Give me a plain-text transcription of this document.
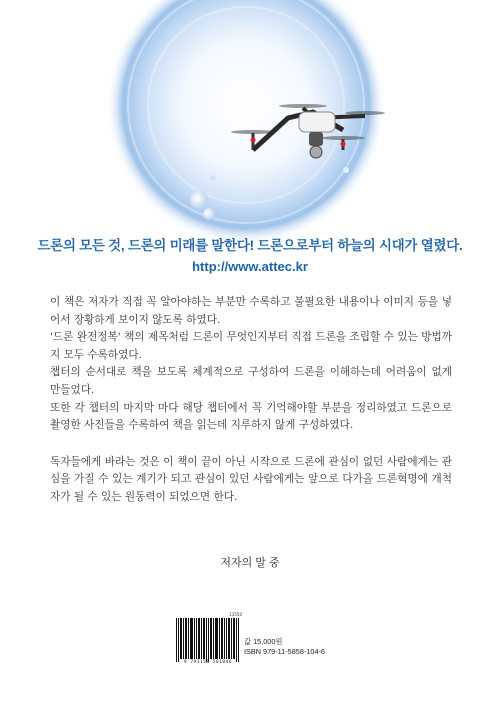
드론의 모든 것, 드론의 미래를 말한다! 드론으로부터 하늘의 시대가 열렸다.
http://www.attec.kr

이 책은 저자가 직접 꼭 알아야하는 부분만 수록하고 불필요한 내용이나 이미지 등을 넣어서 장황하게 보이지 않도록 하였다.

'드론 완전정복' 책의 제목처럼 드론이 무엇인지부터 직접 드론을 조립할 수 있는 방법까지 모두 수록하였다.

챕터의 순서대로 책을 보도록 체계적으로 구성하여 드론을 이해하는데 어려움이 없게 만들었다.

또한 각 챕터의 마지막 마다 해당 챕터에서 꼭 기억해야할 부분을 정리하였고 드론으로 촬영한 사진들을 수록하여 책을 읽는데 지루하지 않게 구성하였다.

독자들에게 바라는 것은 이 책이 끝이 아닌 시작으로 드론에 관심이 없던 사람에게는 관심을 가질 수 있는 계기가 되고 관심이 있던 사람에게는 앞으로 다가올 드론혁명에 개척자가 될 수 있는 원동력이 되었으면 한다.

저자의 말 중
13550
9 791158 581046
값 15,000원
ISBN 979-11-5858-104-6
